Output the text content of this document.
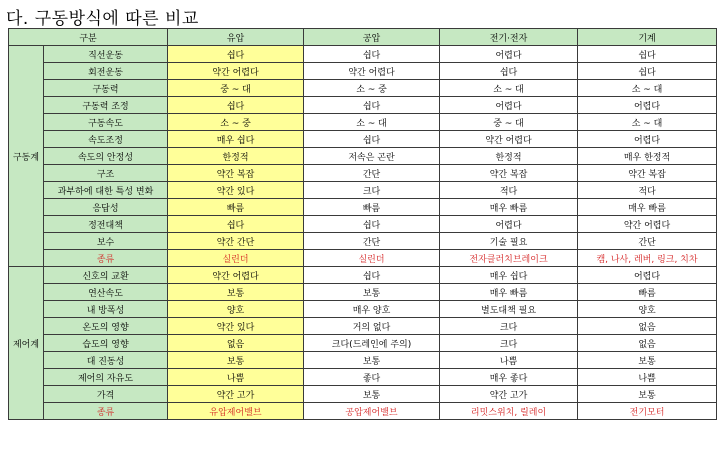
다. 구동방식에 따른 비교
구분		유압	공압	전기·전자	기계
구동계	직선운동	쉽다	쉽다	어렵다	쉽다
	회전운동	약간 어렵다	약간 어렵다	쉽다	쉽다
	구동력	중 ~ 대	소 ~ 중	소 ~ 대	소 ~ 대
	구동력 조정	쉽다	쉽다	어렵다	어렵다
	구동속도	소 ~ 중	소 ~ 대	중 ~ 대	소 ~ 대
	속도조정	매우 쉽다	쉽다	약간 어렵다	어렵다
	속도의 안정성	한정적	저속은 곤란	한정적	매우 한정적
	구조	약간 복잡	간단	약간 복잡	약간 복잡
	과부하에 대한 특성 변화	약간 있다	크다	적다	적다
	응답성	빠름	빠름	매우 빠름	매우 빠름
	정전대책	쉽다	쉽다	어렵다	약간 어렵다
	보수	약간 간단	간단	기술 필요	간단
	종류	실린더	실린더	전자클러치브레이크	캠, 나사, 레버, 링크, 치차
제어계	신호의 교환	약간 어렵다	쉽다	매우 쉽다	어렵다
	연산속도	보통	보통	매우 빠름	빠름
	내 방폭성	양호	매우 양호	별도대책 필요	양호
	온도의 영향	약간 있다	거의 없다	크다	없음
	습도의 영향	없음	크다(드레인에 주의)	크다	없음
	대 진동성	보통	보통	나쁨	보통
	제어의 자유도	나쁨	좋다	매우 좋다	나쁨
	가격	약간 고가	보통	약간 고가	보통
	종류	유압제어밸브	공압제어밸브	리밋스위치, 릴레이	전기모터
